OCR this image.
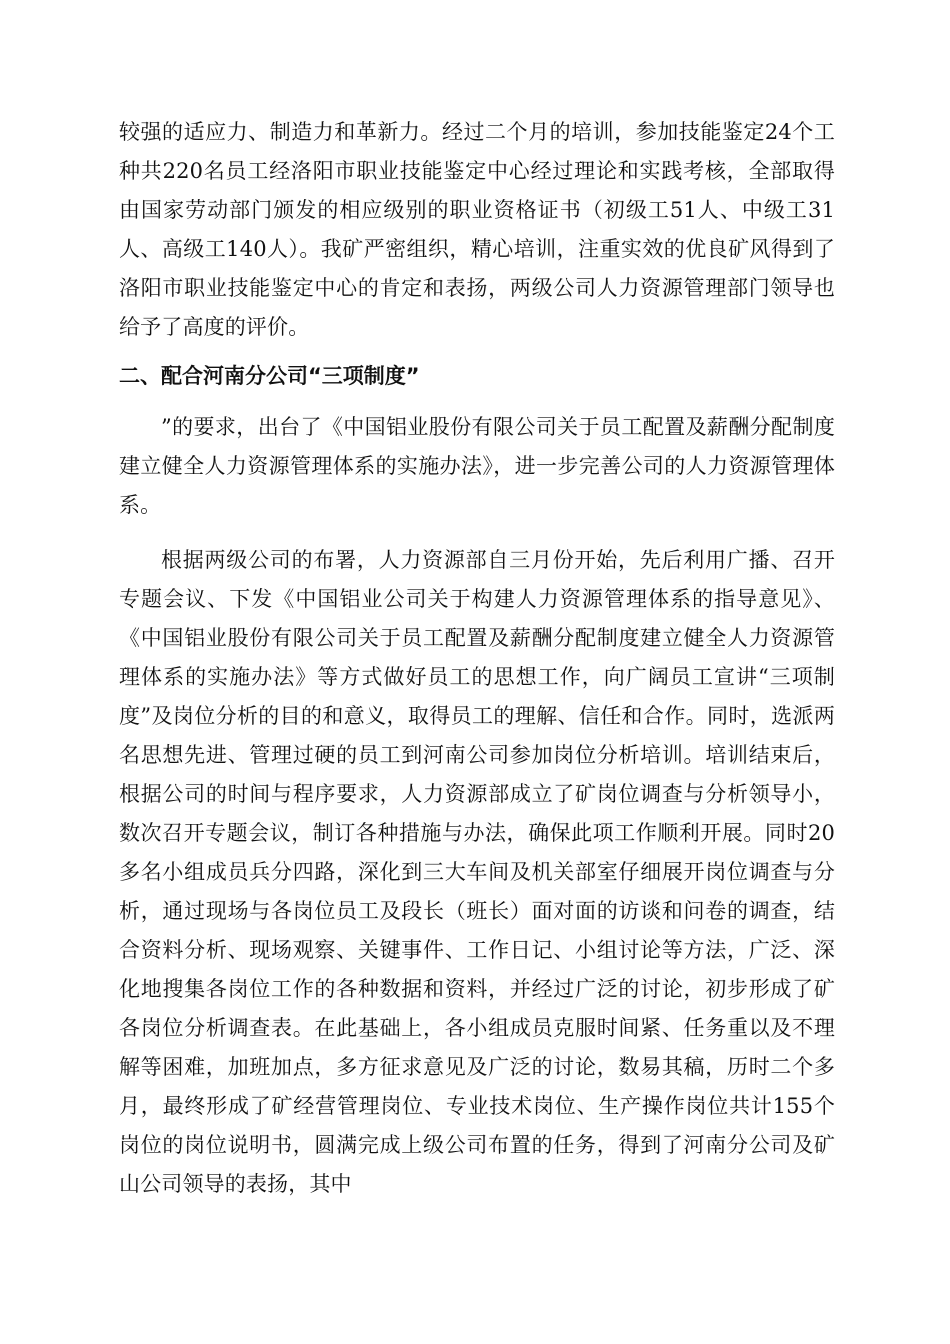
较强的适应力、制造力和革新力。经过二个月的培训，参加技能鉴定24个工种共220名员工经洛阳市职业技能鉴定中心经过理论和实践考核，全部取得由国家劳动部门颁发的相应级别的职业资格证书（初级工51人、中级工31人、高级工140人）。我矿严密组织，精心培训，注重实效的优良矿风得到了洛阳市职业技能鉴定中心的肯定和表扬，两级公司人力资源管理部门领导也给予了高度的评价。

二、配合河南分公司“三项制度”

”的要求，出台了《中国铝业股份有限公司关于员工配置及薪酬分配制度建立健全人力资源管理体系的实施办法》，进一步完善公司的人力资源管理体系。

根据两级公司的布署，人力资源部自三月份开始，先后利用广播、召开专题会议、下发《中国铝业公司关于构建人力资源管理体系的指导意见》、《中国铝业股份有限公司关于员工配置及薪酬分配制度建立健全人力资源管理体系的实施办法》等方式做好员工的思想工作，向广阔员工宣讲“三项制度”及岗位分析的目的和意义，取得员工的理解、信任和合作。同时，选派两名思想先进、管理过硬的员工到河南公司参加岗位分析培训。培训结束后，根据公司的时间与程序要求，人力资源部成立了矿岗位调查与分析领导小，数次召开专题会议，制订各种措施与办法，确保此项工作顺利开展。同时20多名小组成员兵分四路，深化到三大车间及机关部室仔细展开岗位调查与分析，通过现场与各岗位员工及段长（班长）面对面的访谈和问卷的调查，结合资料分析、现场观察、关键事件、工作日记、小组讨论等方法，广泛、深化地搜集各岗位工作的各种数据和资料，并经过广泛的讨论，初步形成了矿各岗位分析调查表。在此基础上，各小组成员克服时间紧、任务重以及不理解等困难，加班加点，多方征求意见及广泛的讨论，数易其稿，历时二个多月，最终形成了矿经营管理岗位、专业技术岗位、生产操作岗位共计155个岗位的岗位说明书，圆满完成上级公司布置的任务，得到了河南分公司及矿山公司领导的表扬，其中
